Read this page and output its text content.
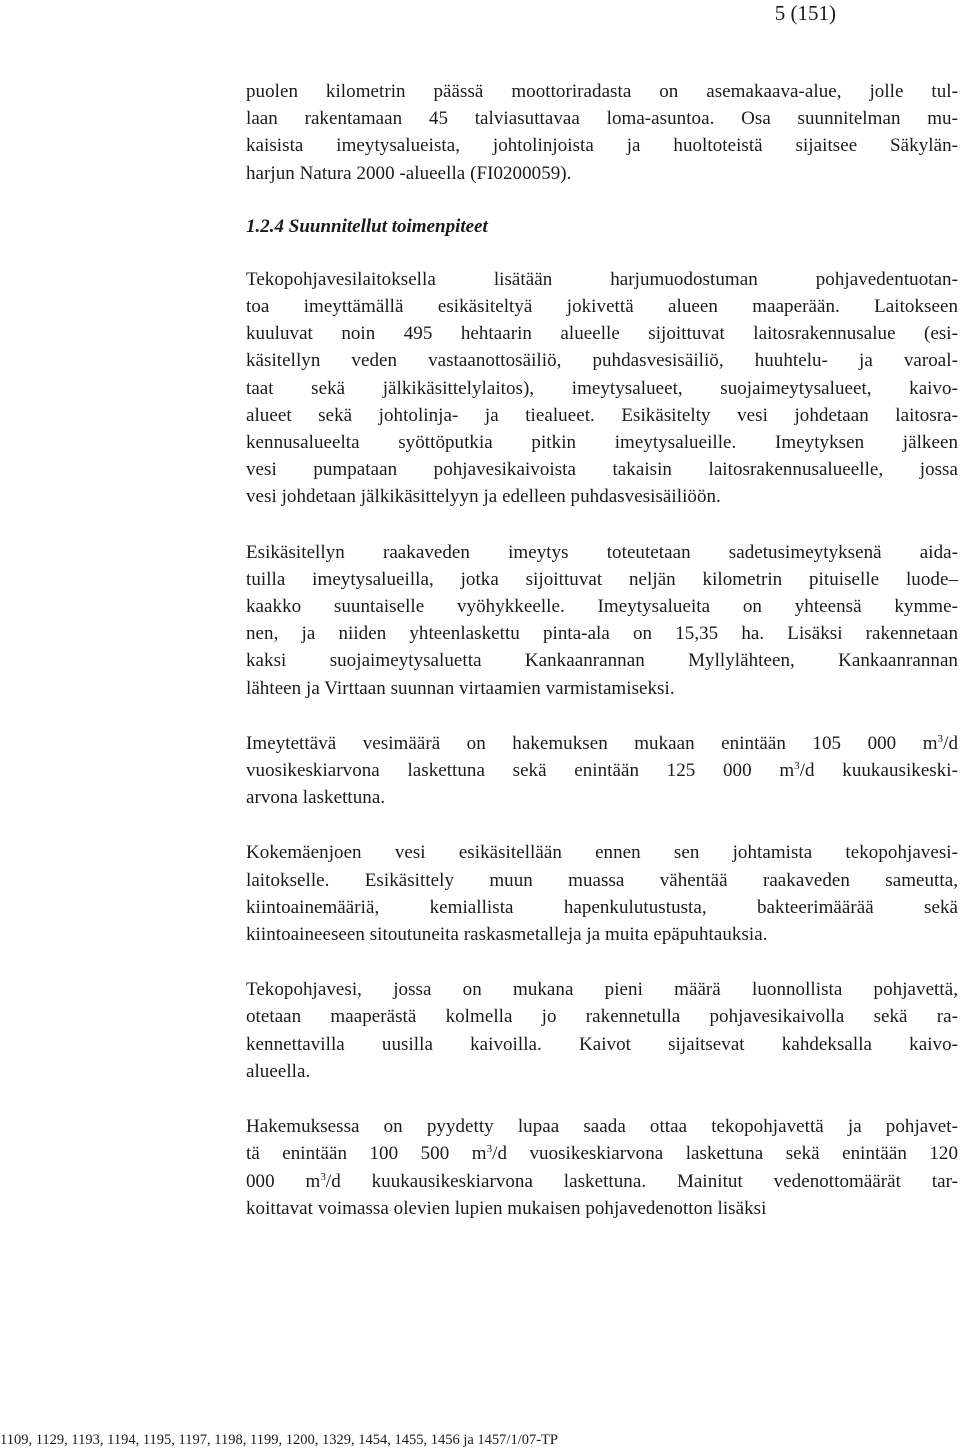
5 (151)

puolen kilometrin päässä moottoriradasta on asemakaava-alue, jolle tul-
laan rakentamaan 45 talviasuttavaa loma-asuntoa. Osa suunnitelman mu-
kaisista imeytysalueista, johtolinjoista ja huoltoteistä sijaitsee Säkylän-
harjun Natura 2000 -alueella (FI0200059).

1.2.4 Suunnitellut toimenpiteet

Tekopohjavesilaitoksella lisätään harjumuodostuman pohjavedentuotan-
toa imeyttämällä esikäsiteltyä jokivettä alueen maaperään. Laitokseen
kuuluvat noin 495 hehtaarin alueelle sijoittuvat laitosrakennusalue (esi-
käsitellyn veden vastaanottosäiliö, puhdasvesisäiliö, huuhtelu- ja varoal-
taat sekä jälkikäsittelylaitos), imeytysalueet, suojaimeytysalueet, kaivo-
alueet sekä johtolinja- ja tiealueet. Esikäsitelty vesi johdetaan laitosra-
kennusalueelta syöttöputkia pitkin imeytysalueille. Imeytyksen jälkeen
vesi pumpataan pohjavesikaivoista takaisin laitosrakennusalueelle, jossa
vesi johdetaan jälkikäsittelyyn ja edelleen puhdasvesisäiliöön.

Esikäsitellyn raakaveden imeytys toteutetaan sadetusimeytyksenä aida-
tuilla imeytysalueilla, jotka sijoittuvat neljän kilometrin pituiselle luode–
kaakko suuntaiselle vyöhykkeelle. Imeytysalueita on yhteensä kymme-
nen, ja niiden yhteenlaskettu pinta-ala on 15,35 ha. Lisäksi rakennetaan
kaksi suojaimeytysaluetta Kankaanrannan Myllylähteen, Kankaanrannan
lähteen ja Virttaan suunnan virtaamien varmistamiseksi.

Imeytettävä vesimäärä on hakemuksen mukaan enintään 105 000 $m^3/d$
vuosikeskiarvona laskettuna sekä enintään 125 000 $m^3/d$ kuukausikeski-
arvona laskettuna.

Kokemäenjoen vesi esikäsitellään ennen sen johtamista tekopohjavesi-
laitokselle. Esikäsittely muun muassa vähentää raakaveden sameutta,
kiintoainemääriä, kemiallista hapenkulutustusta, bakteerimäärää sekä
kiintoaineeseen sitoutuneita raskasmetalleja ja muita epäpuhtauksia.

Tekopohjavesi, jossa on mukana pieni määrä luonnollista pohjavettä,
otetaan maaperästä kolmella jo rakennetulla pohjavesikaivolla sekä ra-
kennettavilla uusilla kaivoilla. Kaivot sijaitsevat kahdeksalla kaivo-
alueella.

Hakemuksessa on pyydetty lupaa saada ottaa tekopohjavettä ja pohjavet-
tä enintään 100 500 $m^3/d$ vuosikeskiarvona laskettuna sekä enintään 120
000 $m^3/d$ kuukausikeskiarvona laskettuna. Mainitut vedenottomäärät tar-
koittavat voimassa olevien lupien mukaisen pohjavedenotton lisäksi

1109, 1129, 1193, 1194, 1195, 1197, 1198, 1199, 1200, 1329, 1454, 1455, 1456 ja 1457/1/07-TP
